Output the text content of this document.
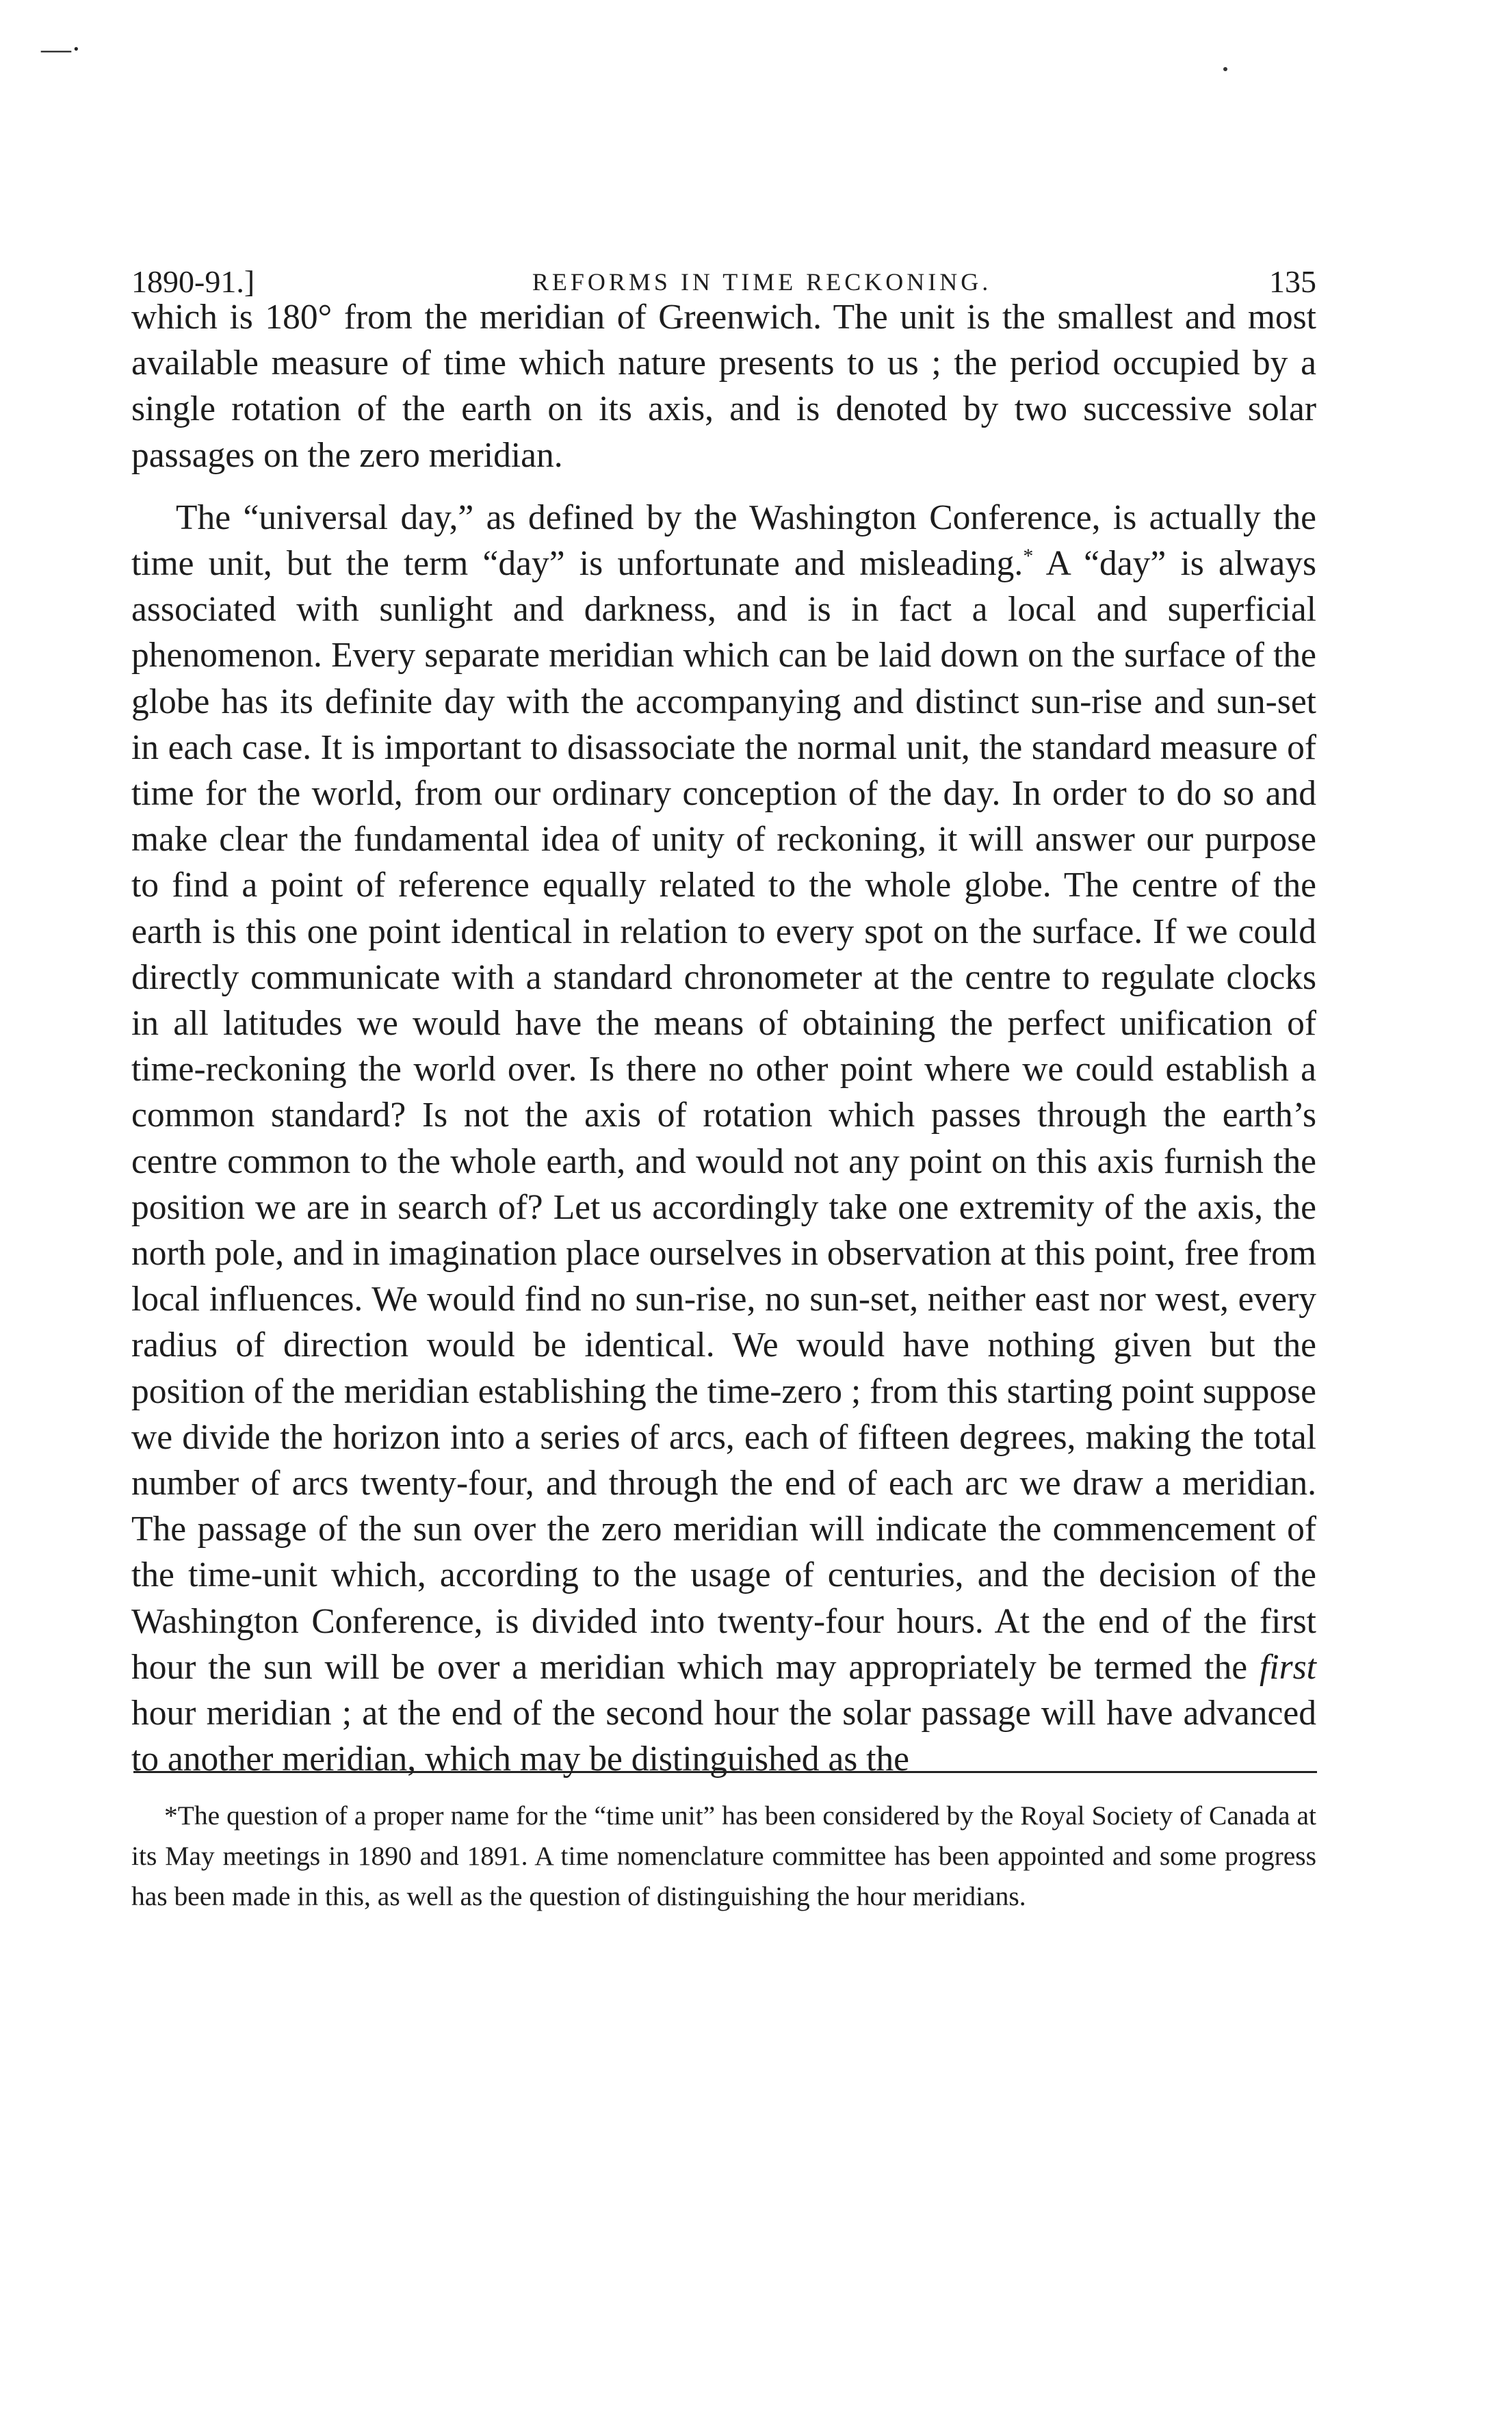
—·
1890-91.]	REFORMS IN TIME RECKONING.	135

which is 180° from the meridian of Greenwich. The unit is the smallest and most available measure of time which nature presents to us ; the period occupied by a single rotation of the earth on its axis, and is denoted by two successive solar passages on the zero meridian.

The “universal day,” as defined by the Washington Conference, is actually the time unit, but the term “day” is unfortunate and misleading.* A “day” is always associated with sunlight and darkness, and is in fact a local and superficial phenomenon. Every separate meridian which can be laid down on the surface of the globe has its definite day with the accompanying and distinct sun-rise and sun-set in each case. It is important to disassociate the normal unit, the standard measure of time for the world, from our ordinary conception of the day. In order to do so and make clear the fundamental idea of unity of reckoning, it will answer our purpose to find a point of reference equally related to the whole globe. The centre of the earth is this one point identical in relation to every spot on the surface. If we could directly communicate with a standard chronometer at the centre to regulate clocks in all latitudes we would have the means of obtaining the perfect unification of time-reckoning the world over. Is there no other point where we could establish a common standard? Is not the axis of rotation which passes through the earth’s centre common to the whole earth, and would not any point on this axis furnish the position we are in search of? Let us accordingly take one extremity of the axis, the north pole, and in imagination place ourselves in observation at this point, free from local influences. We would find no sun-rise, no sun-set, neither east nor west, every radius of direction would be identical. We would have nothing given but the position of the meridian establishing the time-zero ; from this starting point suppose we divide the horizon into a series of arcs, each of fifteen degrees, making the total number of arcs twenty-four, and through the end of each arc we draw a meridian. The passage of the sun over the zero meridian will indicate the commencement of the time-unit which, according to the usage of centuries, and the decision of the Washington Conference, is divided into twenty-four hours. At the end of the first hour the sun will be over a meridian which may appropriately be termed the first hour meridian ; at the end of the second hour the solar passage will have advanced to another meridian, which may be distinguished as the

*The question of a proper name for the “time unit” has been considered by the Royal Society of Canada at its May meetings in 1890 and 1891. A time nomenclature committee has been appointed and some progress has been made in this, as well as the question of distinguishing the hour meridians.
